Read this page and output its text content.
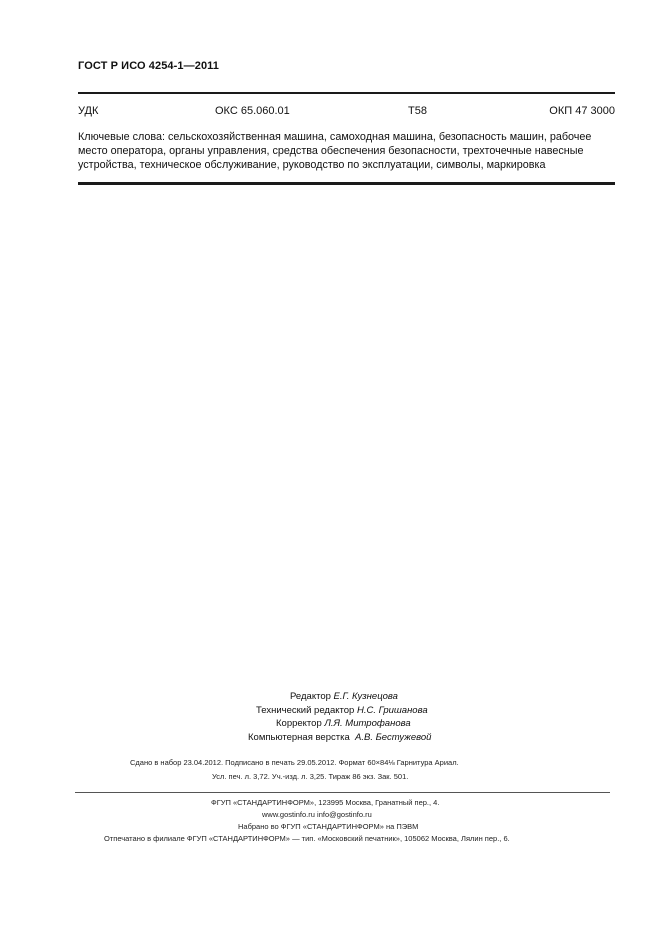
ГОСТ Р ИСО 4254-1—2011
УДК	ОКС 65.060.01	Т58	ОКП 47 3000
Ключевые слова: сельскохозяйственная машина, самоходная машина, безопасность машин, рабочее
место оператора, органы управления, средства обеспечения безопасности, трехточечные навесные
устройства, техническое обслуживание, руководство по эксплуатации, символы, маркировка
Редактор Е.Г. Кузнецова
Технический редактор Н.С. Гришанова
Корректор Л.Я. Митрофанова
Компьютерная верстка А.В. Бестужевой
Сдано в набор 23.04.2012. Подписано в печать 29.05.2012. Формат 60×84⅛ Гарнитура Ариал.
Усл. печ. л. 3,72. Уч.-изд. л. 3,25. Тираж 86 экз. Зак. 501.
ФГУП «СТАНДАРТИНФОРМ», 123995 Москва, Гранатный пер., 4.
www.gostinfo.ru info@gostinfo.ru
Набрано во ФГУП «СТАНДАРТИНФОРМ» на ПЭВМ
Отпечатано в филиале ФГУП «СТАНДАРТИНФОРМ» — тип. «Московский печатник», 105062 Москва, Лялин пер., 6.
